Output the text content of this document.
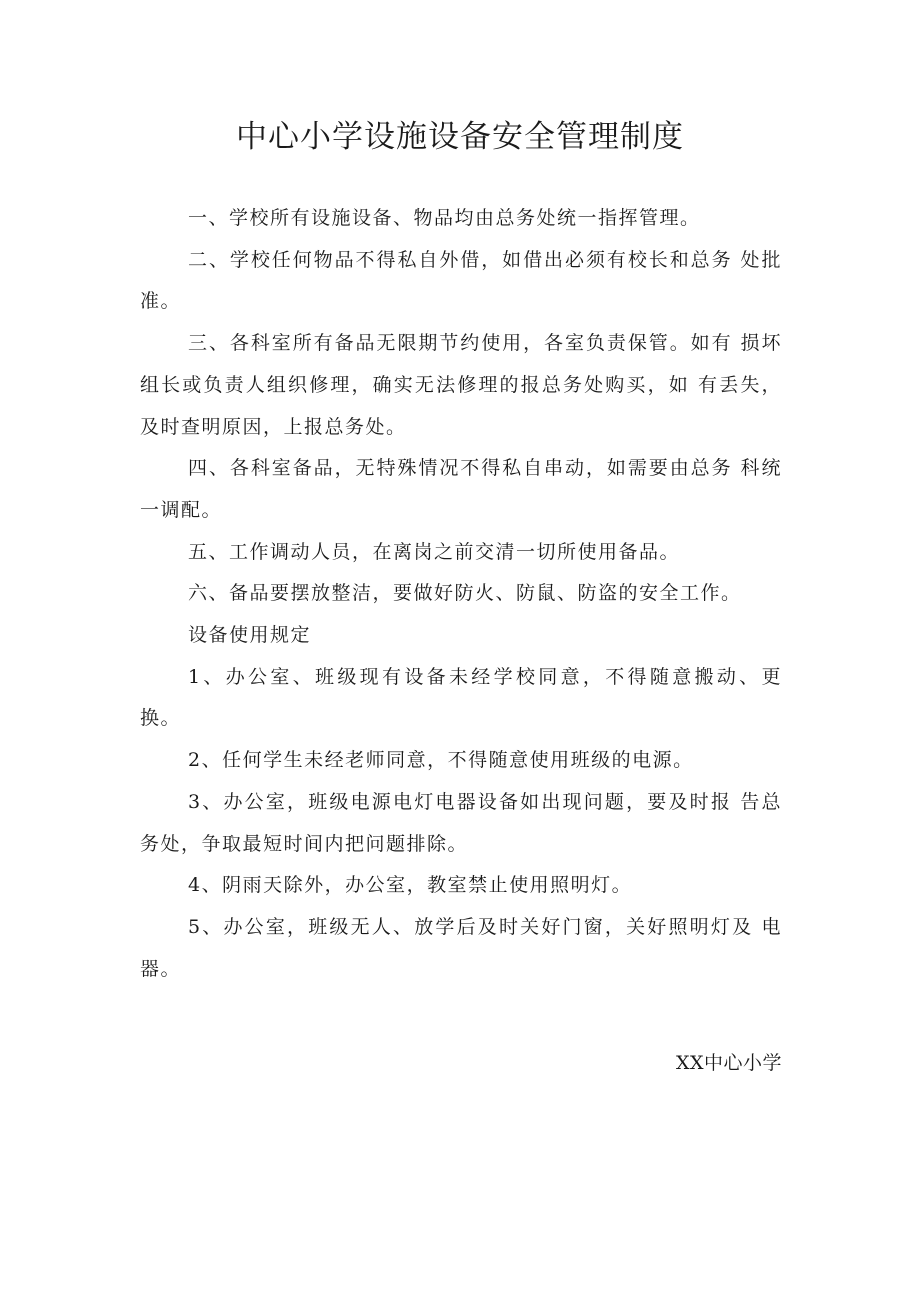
中心小学设施设备安全管理制度

一、学校所有设施设备、物品均由总务处统一指挥管理。

二、学校任何物品不得私自外借，如借出必须有校长和总务 处批准。

三、各科室所有备品无限期节约使用，各室负责保管。如有 损坏组长或负责人组织修理，确实无法修理的报总务处购买，如 有丢失，及时查明原因，上报总务处。

四、各科室备品，无特殊情况不得私自串动，如需要由总务 科统一调配。

五、工作调动人员，在离岗之前交清一切所使用备品。

六、备品要摆放整洁，要做好防火、防鼠、防盗的安全工作。

设备使用规定

1、办公室、班级现有设备未经学校同意，不得随意搬动、更 换。

2、任何学生未经老师同意，不得随意使用班级的电源。

3、办公室，班级电源电灯电器设备如出现问题，要及时报 告总务处，争取最短时间内把问题排除。

4、阴雨天除外，办公室，教室禁止使用照明灯。

5、办公室，班级无人、放学后及时关好门窗，关好照明灯及 电器。

XX中心小学
